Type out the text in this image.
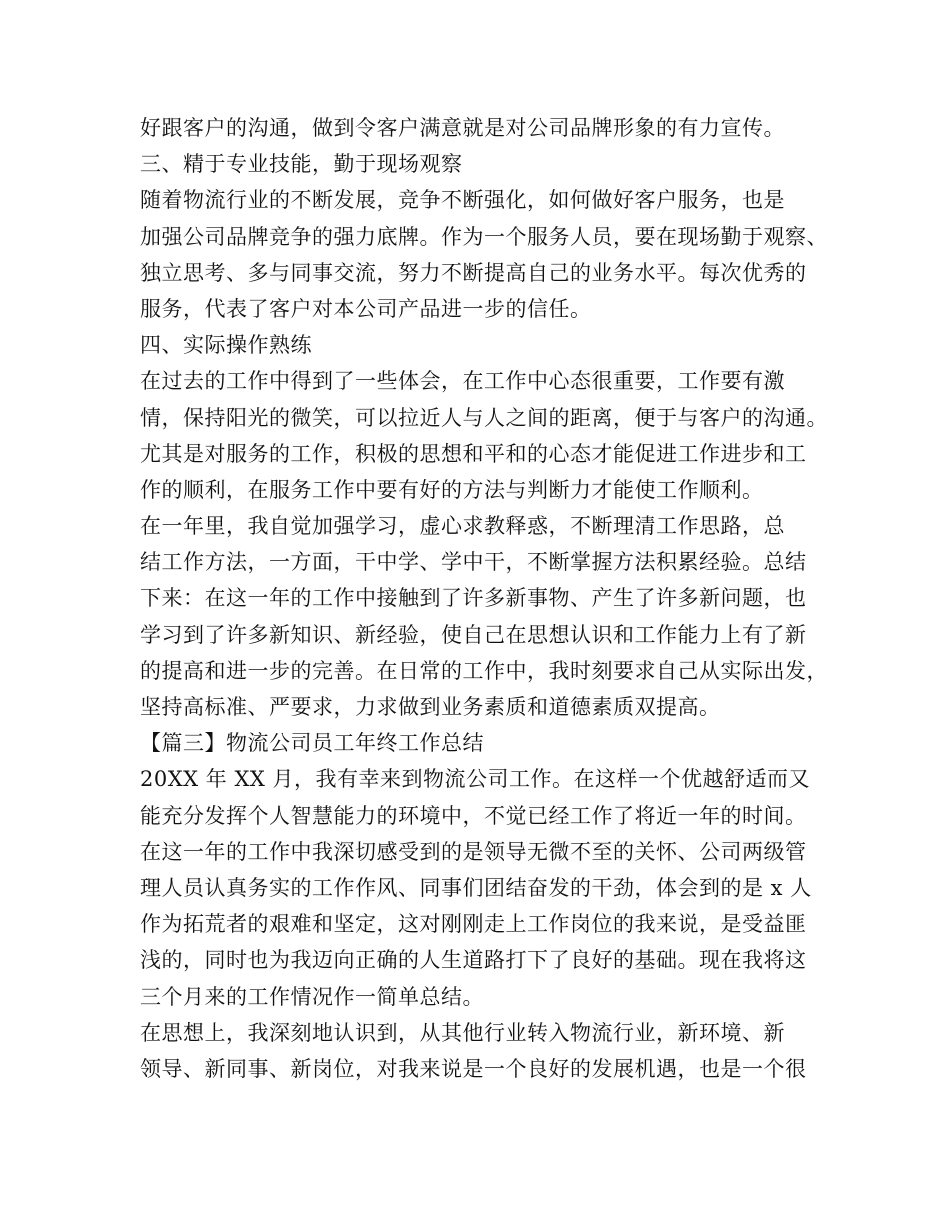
好跟客户的沟通，做到令客户满意就是对公司品牌形象的有力宣传。
三、精于专业技能，勤于现场观察
随着物流行业的不断发展，竞争不断强化，如何做好客户服务，也是
加强公司品牌竞争的强力底牌。作为一个服务人员，要在现场勤于观察、
独立思考、多与同事交流，努力不断提高自己的业务水平。每次优秀的
服务，代表了客户对本公司产品进一步的信任。
四、实际操作熟练
在过去的工作中得到了一些体会，在工作中心态很重要，工作要有激
情，保持阳光的微笑，可以拉近人与人之间的距离，便于与客户的沟通。
尤其是对服务的工作，积极的思想和平和的心态才能促进工作进步和工
作的顺利，在服务工作中要有好的方法与判断力才能使工作顺利。
在一年里，我自觉加强学习，虚心求教释惑，不断理清工作思路，总
结工作方法，一方面，干中学、学中干，不断掌握方法积累经验。总结
下来：在这一年的工作中接触到了许多新事物、产生了许多新问题，也
学习到了许多新知识、新经验，使自己在思想认识和工作能力上有了新
的提高和进一步的完善。在日常的工作中，我时刻要求自己从实际出发，
坚持高标准、严要求，力求做到业务素质和道德素质双提高。
【篇三】物流公司员工年终工作总结
20XX 年 XX 月，我有幸来到物流公司工作。在这样一个优越舒适而又
能充分发挥个人智慧能力的环境中，不觉已经工作了将近一年的时间。
在这一年的工作中我深切感受到的是领导无微不至的关怀、公司两级管
理人员认真务实的工作作风、同事们团结奋发的干劲，体会到的是 x 人
作为拓荒者的艰难和坚定，这对刚刚走上工作岗位的我来说，是受益匪
浅的，同时也为我迈向正确的人生道路打下了良好的基础。现在我将这
三个月来的工作情况作一简单总结。
在思想上，我深刻地认识到，从其他行业转入物流行业，新环境、新
领导、新同事、新岗位，对我来说是一个良好的发展机遇，也是一个很
